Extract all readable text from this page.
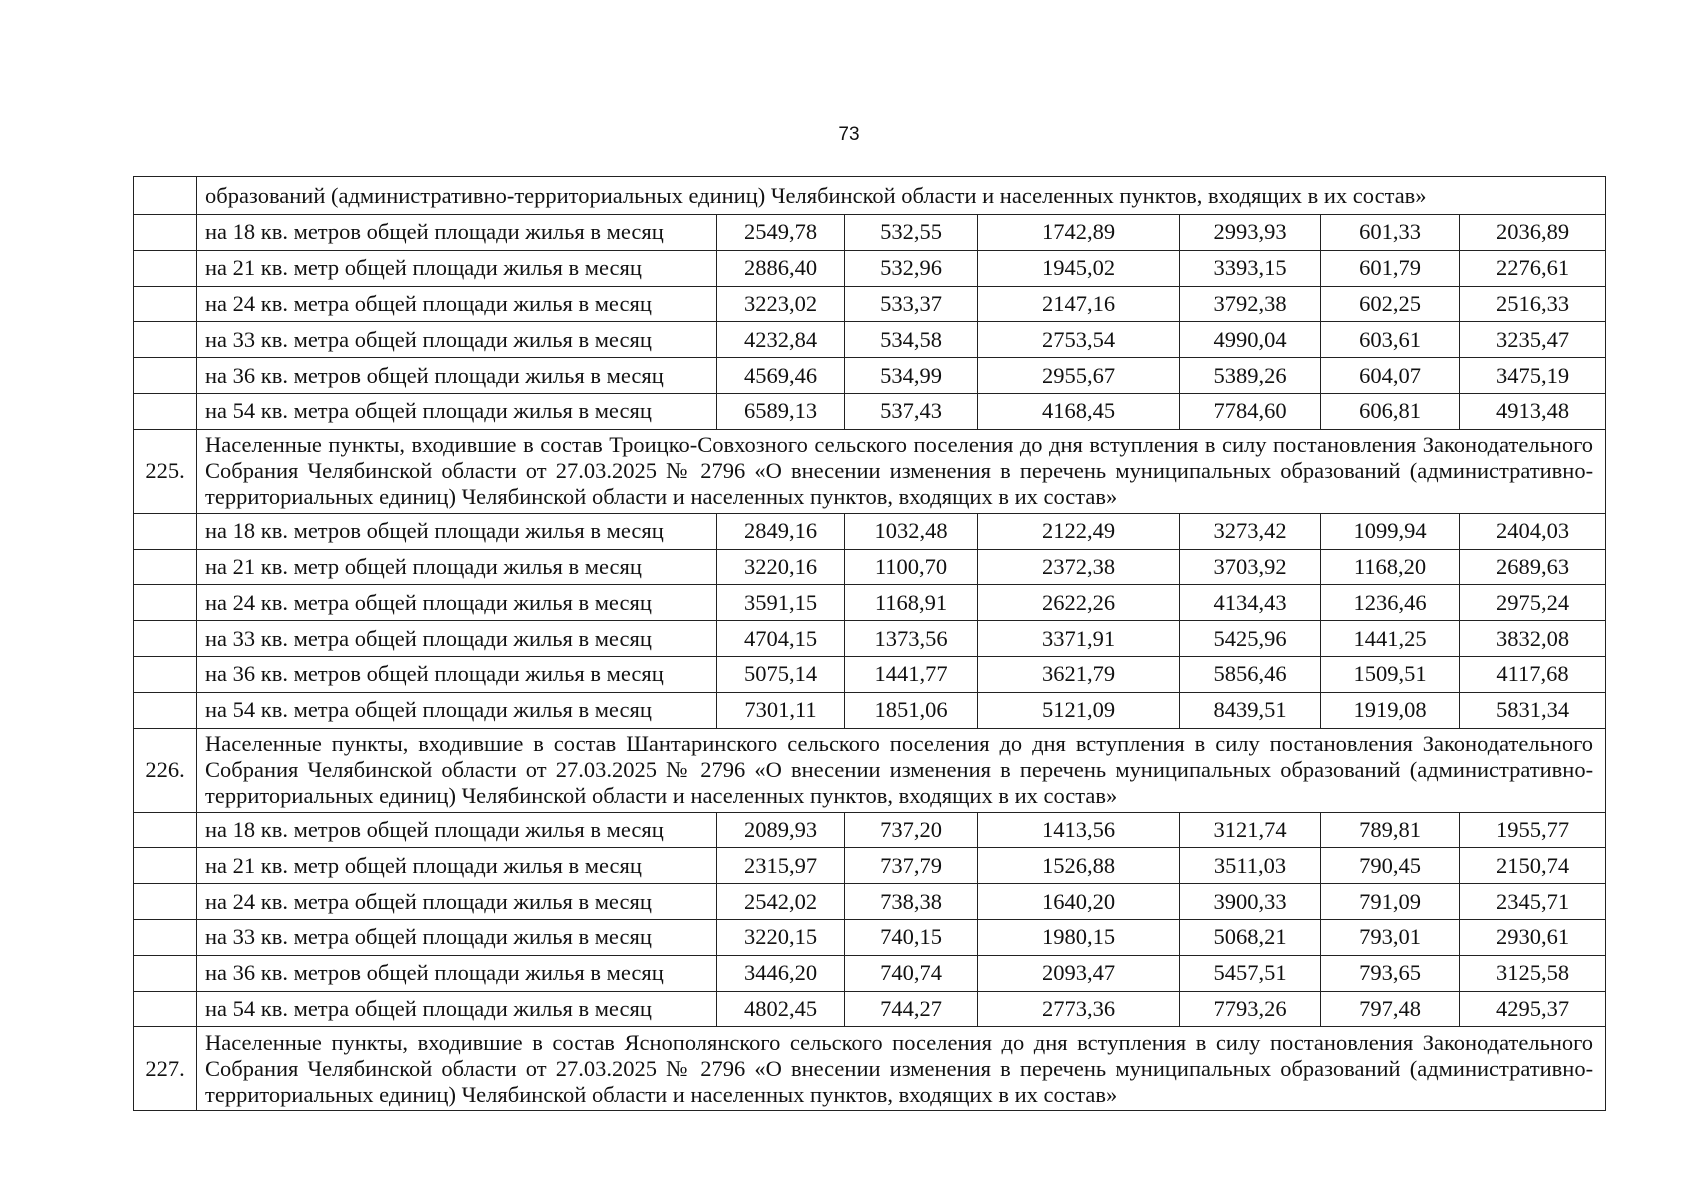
73
	образований (административно-территориальных единиц) Челябинской области и населенных пунктов, входящих в их состав»						
	на 18 кв. метров общей площади жилья в месяц	2549,78	532,55	1742,89	2993,93	601,33	2036,89
	на 21 кв. метр общей площади жилья в месяц	2886,40	532,96	1945,02	3393,15	601,79	2276,61
	на 24 кв. метра общей площади жилья в месяц	3223,02	533,37	2147,16	3792,38	602,25	2516,33
	на 33 кв. метра общей площади жилья в месяц	4232,84	534,58	2753,54	4990,04	603,61	3235,47
	на 36 кв. метров общей площади жилья в месяц	4569,46	534,99	2955,67	5389,26	604,07	3475,19
	на 54 кв. метра общей площади жилья в месяц	6589,13	537,43	4168,45	7784,60	606,81	4913,48
225.	Населенные пункты, входившие в состав Троицко-Совхозного сельского поселения до дня вступления в силу постановления Законодательного Собрания Челябинской области от 27.03.2025 № 2796 «О внесении изменения в перечень муниципальных образований (административно-территориальных единиц) Челябинской области и населенных пунктов, входящих в их состав»						
	на 18 кв. метров общей площади жилья в месяц	2849,16	1032,48	2122,49	3273,42	1099,94	2404,03
	на 21 кв. метр общей площади жилья в месяц	3220,16	1100,70	2372,38	3703,92	1168,20	2689,63
	на 24 кв. метра общей площади жилья в месяц	3591,15	1168,91	2622,26	4134,43	1236,46	2975,24
	на 33 кв. метра общей площади жилья в месяц	4704,15	1373,56	3371,91	5425,96	1441,25	3832,08
	на 36 кв. метров общей площади жилья в месяц	5075,14	1441,77	3621,79	5856,46	1509,51	4117,68
	на 54 кв. метра общей площади жилья в месяц	7301,11	1851,06	5121,09	8439,51	1919,08	5831,34
226.	Населенные пункты, входившие в состав Шантаринского сельского поселения до дня вступления в силу постановления Законодательного Собрания Челябинской области от 27.03.2025 № 2796 «О внесении изменения в перечень муниципальных образований (административно-территориальных единиц) Челябинской области и населенных пунктов, входящих в их состав»						
	на 18 кв. метров общей площади жилья в месяц	2089,93	737,20	1413,56	3121,74	789,81	1955,77
	на 21 кв. метр общей площади жилья в месяц	2315,97	737,79	1526,88	3511,03	790,45	2150,74
	на 24 кв. метра общей площади жилья в месяц	2542,02	738,38	1640,20	3900,33	791,09	2345,71
	на 33 кв. метра общей площади жилья в месяц	3220,15	740,15	1980,15	5068,21	793,01	2930,61
	на 36 кв. метров общей площади жилья в месяц	3446,20	740,74	2093,47	5457,51	793,65	3125,58
	на 54 кв. метра общей площади жилья в месяц	4802,45	744,27	2773,36	7793,26	797,48	4295,37
227.	Населенные пункты, входившие в состав Яснополянского сельского поселения до дня вступления в силу постановления Законодательного Собрания Челябинской области от 27.03.2025 № 2796 «О внесении изменения в перечень муниципальных образований (административно-территориальных единиц) Челябинской области и населенных пунктов, входящих в их состав»						
